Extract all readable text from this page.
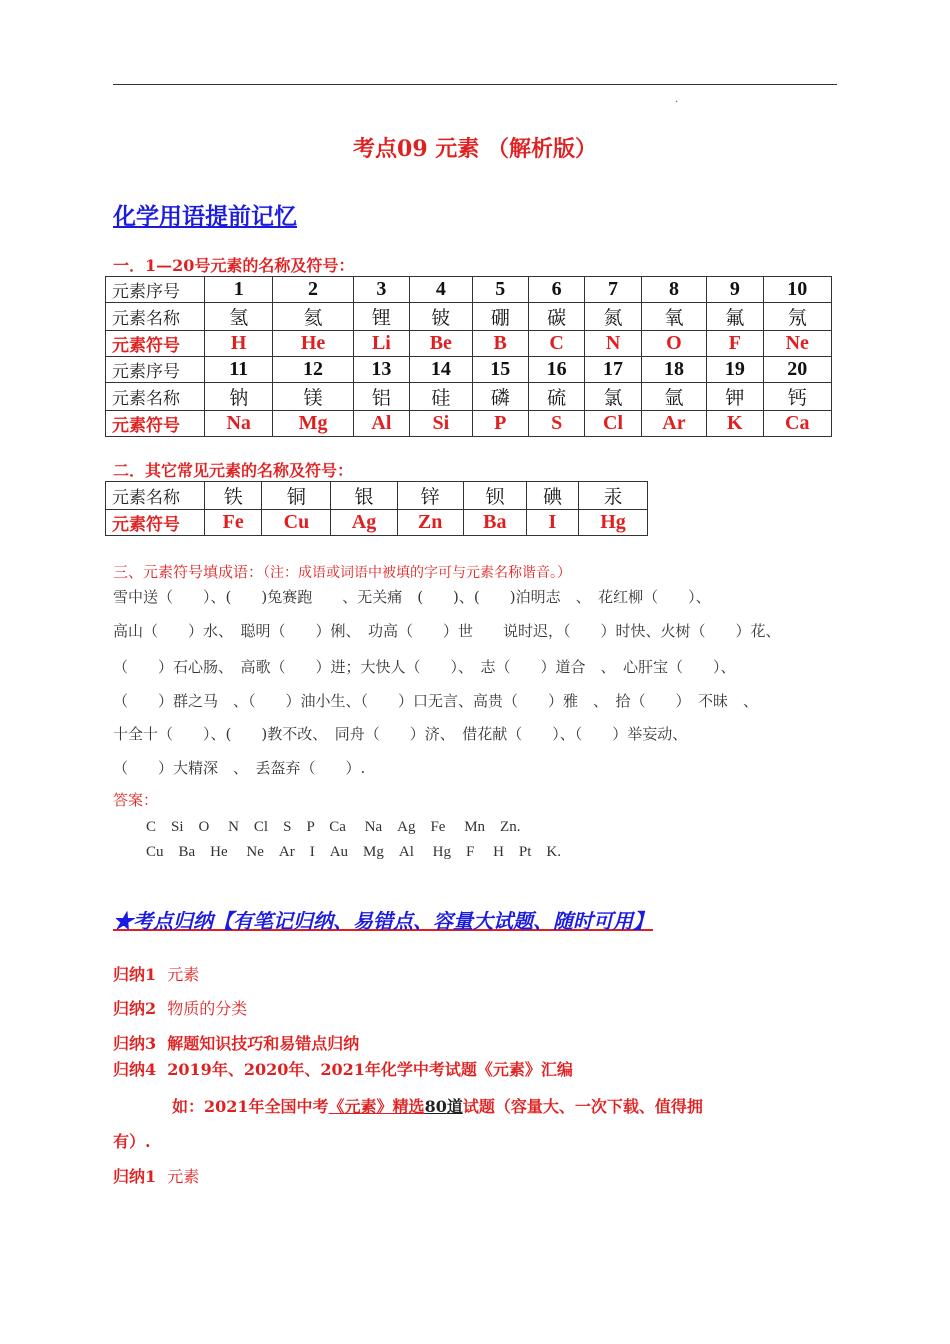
.
考点09 元素 （解析版）
化学用语提前记忆
一．1—20号元素的名称及符号：
元素序号	1	2	3	4	5	6	7	8	9	10
元素名称	氢	氦	锂	铍	硼	碳	氮	氧	氟	氖
元素符号	H	He	Li	Be	B	C	N	O	F	Ne
元素序号	11	12	13	14	15	16	17	18	19	20
元素名称	钠	镁	铝	硅	磷	硫	氯	氩	钾	钙
元素符号	Na	Mg	Al	Si	P	S	Cl	Ar	K	Ca
二．其它常见元素的名称及符号：
元素名称	铁	铜	银	锌	钡	碘	汞
元素符号	Fe	Cu	Ag	Zn	Ba	I	Hg
三、元素符号填成语：（注：成语或词语中被填的字可与元素名称谐音。）
雪中送（　　）、(　　)兔赛跑　　、无关痛　(　　)、(　　)泊明志　、　花红柳（　　）、
高山（　　）水、　聪明（　　）俐、　功高（　　）世　　说时迟，（　　）时快、火树（　　）花、
（　　）石心肠、　高歌（　　）进；大快人（　　）、　志（　　）道合　、　心肝宝（　　）、
（　　）群之马　、（　　）油小生、（　　）口无言、高贵（　　）雅　、　拾（　　）　不昧　、
十全十（　　）、(　　)教不改、　同舟（　　）济、　借花献（　　）、（　　）举妄动、
（　　）大精深　、　丢盔弃（　　）.
答案：
C　Si　O　 N　Cl　S　P　Ca　 Na　Ag　Fe　 Mn　Zn.
Cu　Ba　He　 Ne　Ar　I　Au　Mg　Al　 Hg　F　 H　Pt　K.
★考点归纳【有笔记归纳、易错点、容量大试题、随时可用】
归纳1 元素
归纳2 物质的分类
归纳3 解题知识技巧和易错点归纳
归纳4 2019年、2020年、2021年化学中考试题《元素》汇编
如：2021年全国中考《元素》精选80道试题（容量大、一次下载、值得拥
有）.
归纳1 元素
